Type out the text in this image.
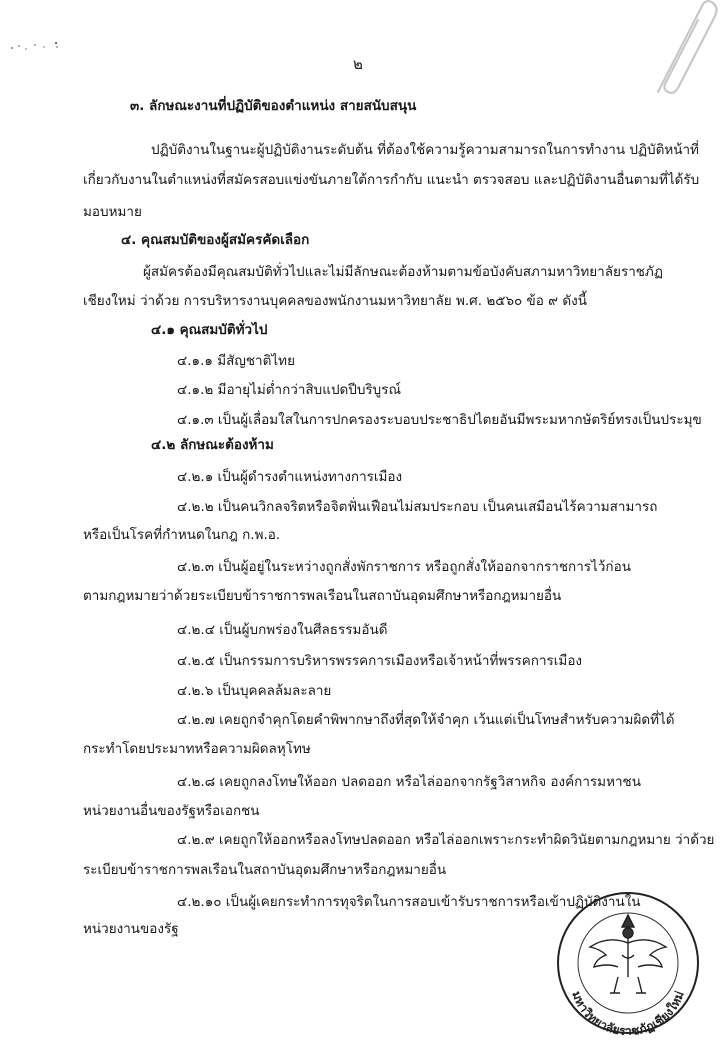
๒
๓. ลักษณะงานที่ปฏิบัติของตำแหน่ง สายสนับสนุน
ปฏิบัติงานในฐานะผู้ปฏิบัติงานระดับต้น ที่ต้องใช้ความรู้ความสามารถในการทำงาน ปฏิบัติหน้าที่
เกี่ยวกับงานในตำแหน่งที่สมัครสอบแข่งขันภายใต้การกำกับ แนะนำ ตรวจสอบ และปฏิบัติงานอื่นตามที่ได้รับ
มอบหมาย
๔. คุณสมบัติของผู้สมัครคัดเลือก
ผู้สมัครต้องมีคุณสมบัติทั่วไปและไม่มีลักษณะต้องห้ามตามข้อบังคับสภามหาวิทยาลัยราชภัฏ
เชียงใหม่ ว่าด้วย การบริหารงานบุคคลของพนักงานมหาวิทยาลัย พ.ศ. ๒๕๖๐ ข้อ ๙ ดังนี้
๔.๑ คุณสมบัติทั่วไป
๔.๑.๑ มีสัญชาติไทย
๔.๑.๒ มีอายุไม่ต่ำกว่าสิบแปดปีบริบูรณ์
๔.๑.๓ เป็นผู้เลื่อมใสในการปกครองระบอบประชาธิปไตยอันมีพระมหากษัตริย์ทรงเป็นประมุข
๔.๒ ลักษณะต้องห้าม
๔.๒.๑ เป็นผู้ดำรงตำแหน่งทางการเมือง
๔.๒.๒ เป็นคนวิกลจริตหรือจิตฟั่นเฟือนไม่สมประกอบ เป็นคนเสมือนไร้ความสามารถ
หรือเป็นโรคที่กำหนดในกฎ ก.พ.อ.
๔.๒.๓ เป็นผู้อยู่ในระหว่างถูกสั่งพักราชการ หรือถูกสั่งให้ออกจากราชการไว้ก่อน
ตามกฎหมายว่าด้วยระเบียบข้าราชการพลเรือนในสถาบันอุดมศึกษาหรือกฎหมายอื่น
๔.๒.๔ เป็นผู้บกพร่องในศีลธรรมอันดี
๔.๒.๕ เป็นกรรมการบริหารพรรคการเมืองหรือเจ้าหน้าที่พรรคการเมือง
๔.๒.๖ เป็นบุคคลล้มละลาย
๔.๒.๗ เคยถูกจำคุกโดยคำพิพากษาถึงที่สุดให้จำคุก เว้นแต่เป็นโทษสำหรับความผิดที่ได้
กระทำโดยประมาทหรือความผิดลหุโทษ
๔.๒.๘ เคยถูกลงโทษให้ออก ปลดออก หรือไล่ออกจากรัฐวิสาหกิจ องค์การมหาชน
หน่วยงานอื่นของรัฐหรือเอกชน
๔.๒.๙ เคยถูกให้ออกหรือลงโทษปลดออก หรือไล่ออกเพราะกระทำผิดวินัยตามกฎหมาย ว่าด้วย
ระเบียบข้าราชการพลเรือนในสถาบันอุดมศึกษาหรือกฎหมายอื่น
๔.๒.๑๐ เป็นผู้เคยกระทำการทุจริตในการสอบเข้ารับราชการหรือเข้าปฏิบัติงานใน
หน่วยงานของรัฐ
มหาวิทยาลัยราชภัฏเชียงใหม่
